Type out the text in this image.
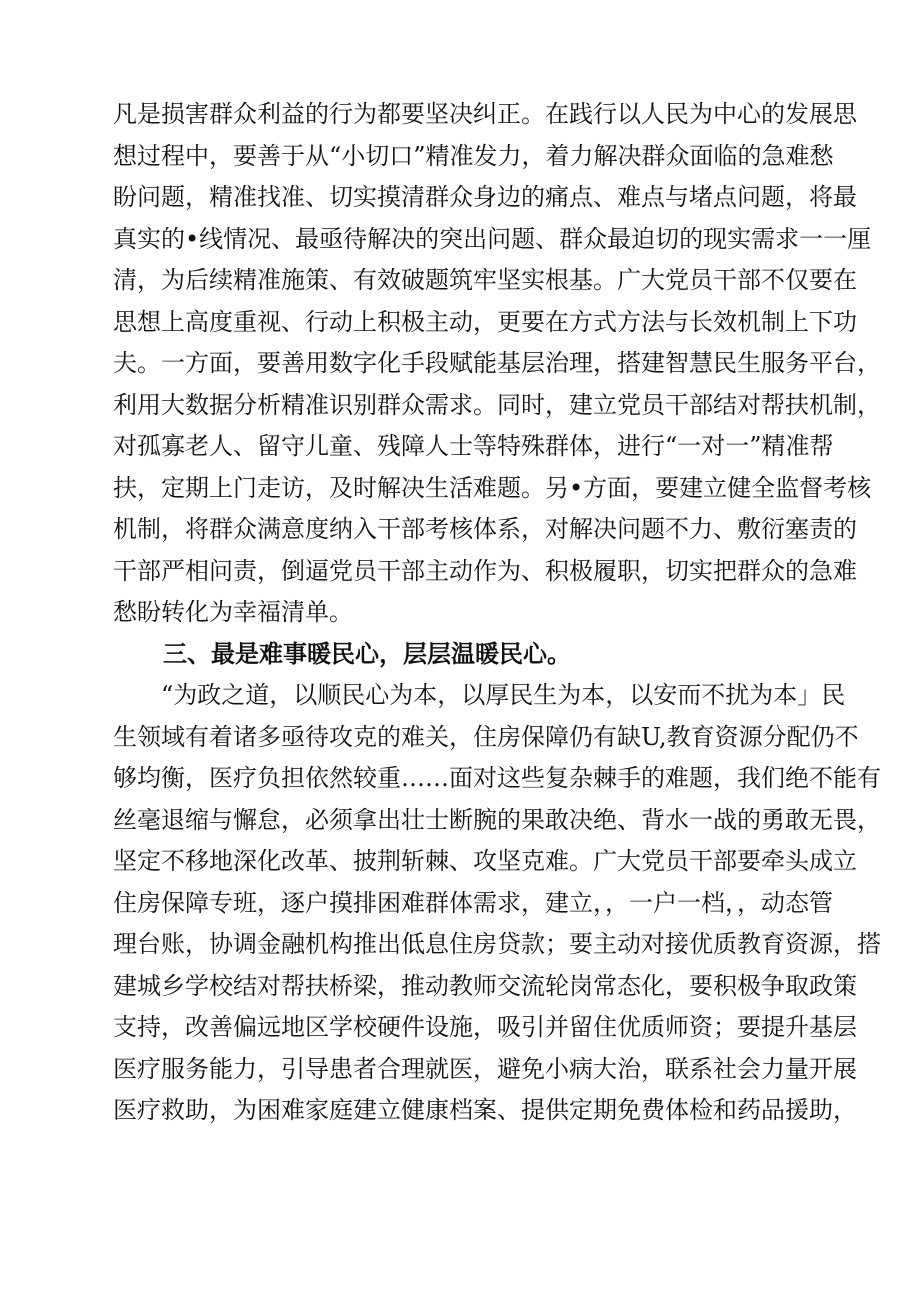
凡是损害群众利益的行为都要坚决纠正。在践行以人民为中心的发展思
想过程中，要善于从“小切口”精准发力，着力解决群众面临的急难愁
盼问题，精准找准、切实摸清群众身边的痛点、难点与堵点问题，将最
真实的•线情况、最亟待解决的突出问题、群众最迫切的现实需求一一厘
清，为后续精准施策、有效破题筑牢坚实根基。广大党员干部不仅要在
思想上高度重视、行动上积极主动，更要在方式方法与长效机制上下功
夫。一方面，要善用数字化手段赋能基层治理，搭建智慧民生服务平台，
利用大数据分析精准识别群众需求。同时，建立党员干部结对帮扶机制，
对孤寡老人、留守儿童、残障人士等特殊群体，进行“一对一”精准帮
扶，定期上门走访，及时解决生活难题。另•方面，要建立健全监督考核
机制，将群众满意度纳入干部考核体系，对解决问题不力、敷衍塞责的
干部严相问责，倒逼党员干部主动作为、积极履职，切实把群众的急难
愁盼转化为幸福清单。
三、最是难事暖民心，层层温暖民心。
“为政之道，以顺民心为本，以厚民生为本，以安而不扰为本」民
生领域有着诸多亟待攻克的难关，住房保障仍有缺U,教育资源分配仍不
够均衡，医疗负担依然较重……面对这些复杂棘手的难题，我们绝不能有
丝毫退缩与懈怠，必须拿出壮士断腕的果敢决绝、背水一战的勇敢无畏，
坚定不移地深化改革、披荆斩棘、攻坚克难。广大党员干部要牵头成立
住房保障专班，逐户摸排困难群体需求，建立，，一户一档，，动态管
理台账，协调金融机构推出低息住房贷款；要主动对接优质教育资源，搭
建城乡学校结对帮扶桥梁，推动教师交流轮岗常态化，要积极争取政策
支持，改善偏远地区学校硬件设施，吸引并留住优质师资；要提升基层
医疗服务能力，引导患者合理就医，避免小病大治，联系社会力量开展
医疗救助，为困难家庭建立健康档案、提供定期免费体检和药品援助，
